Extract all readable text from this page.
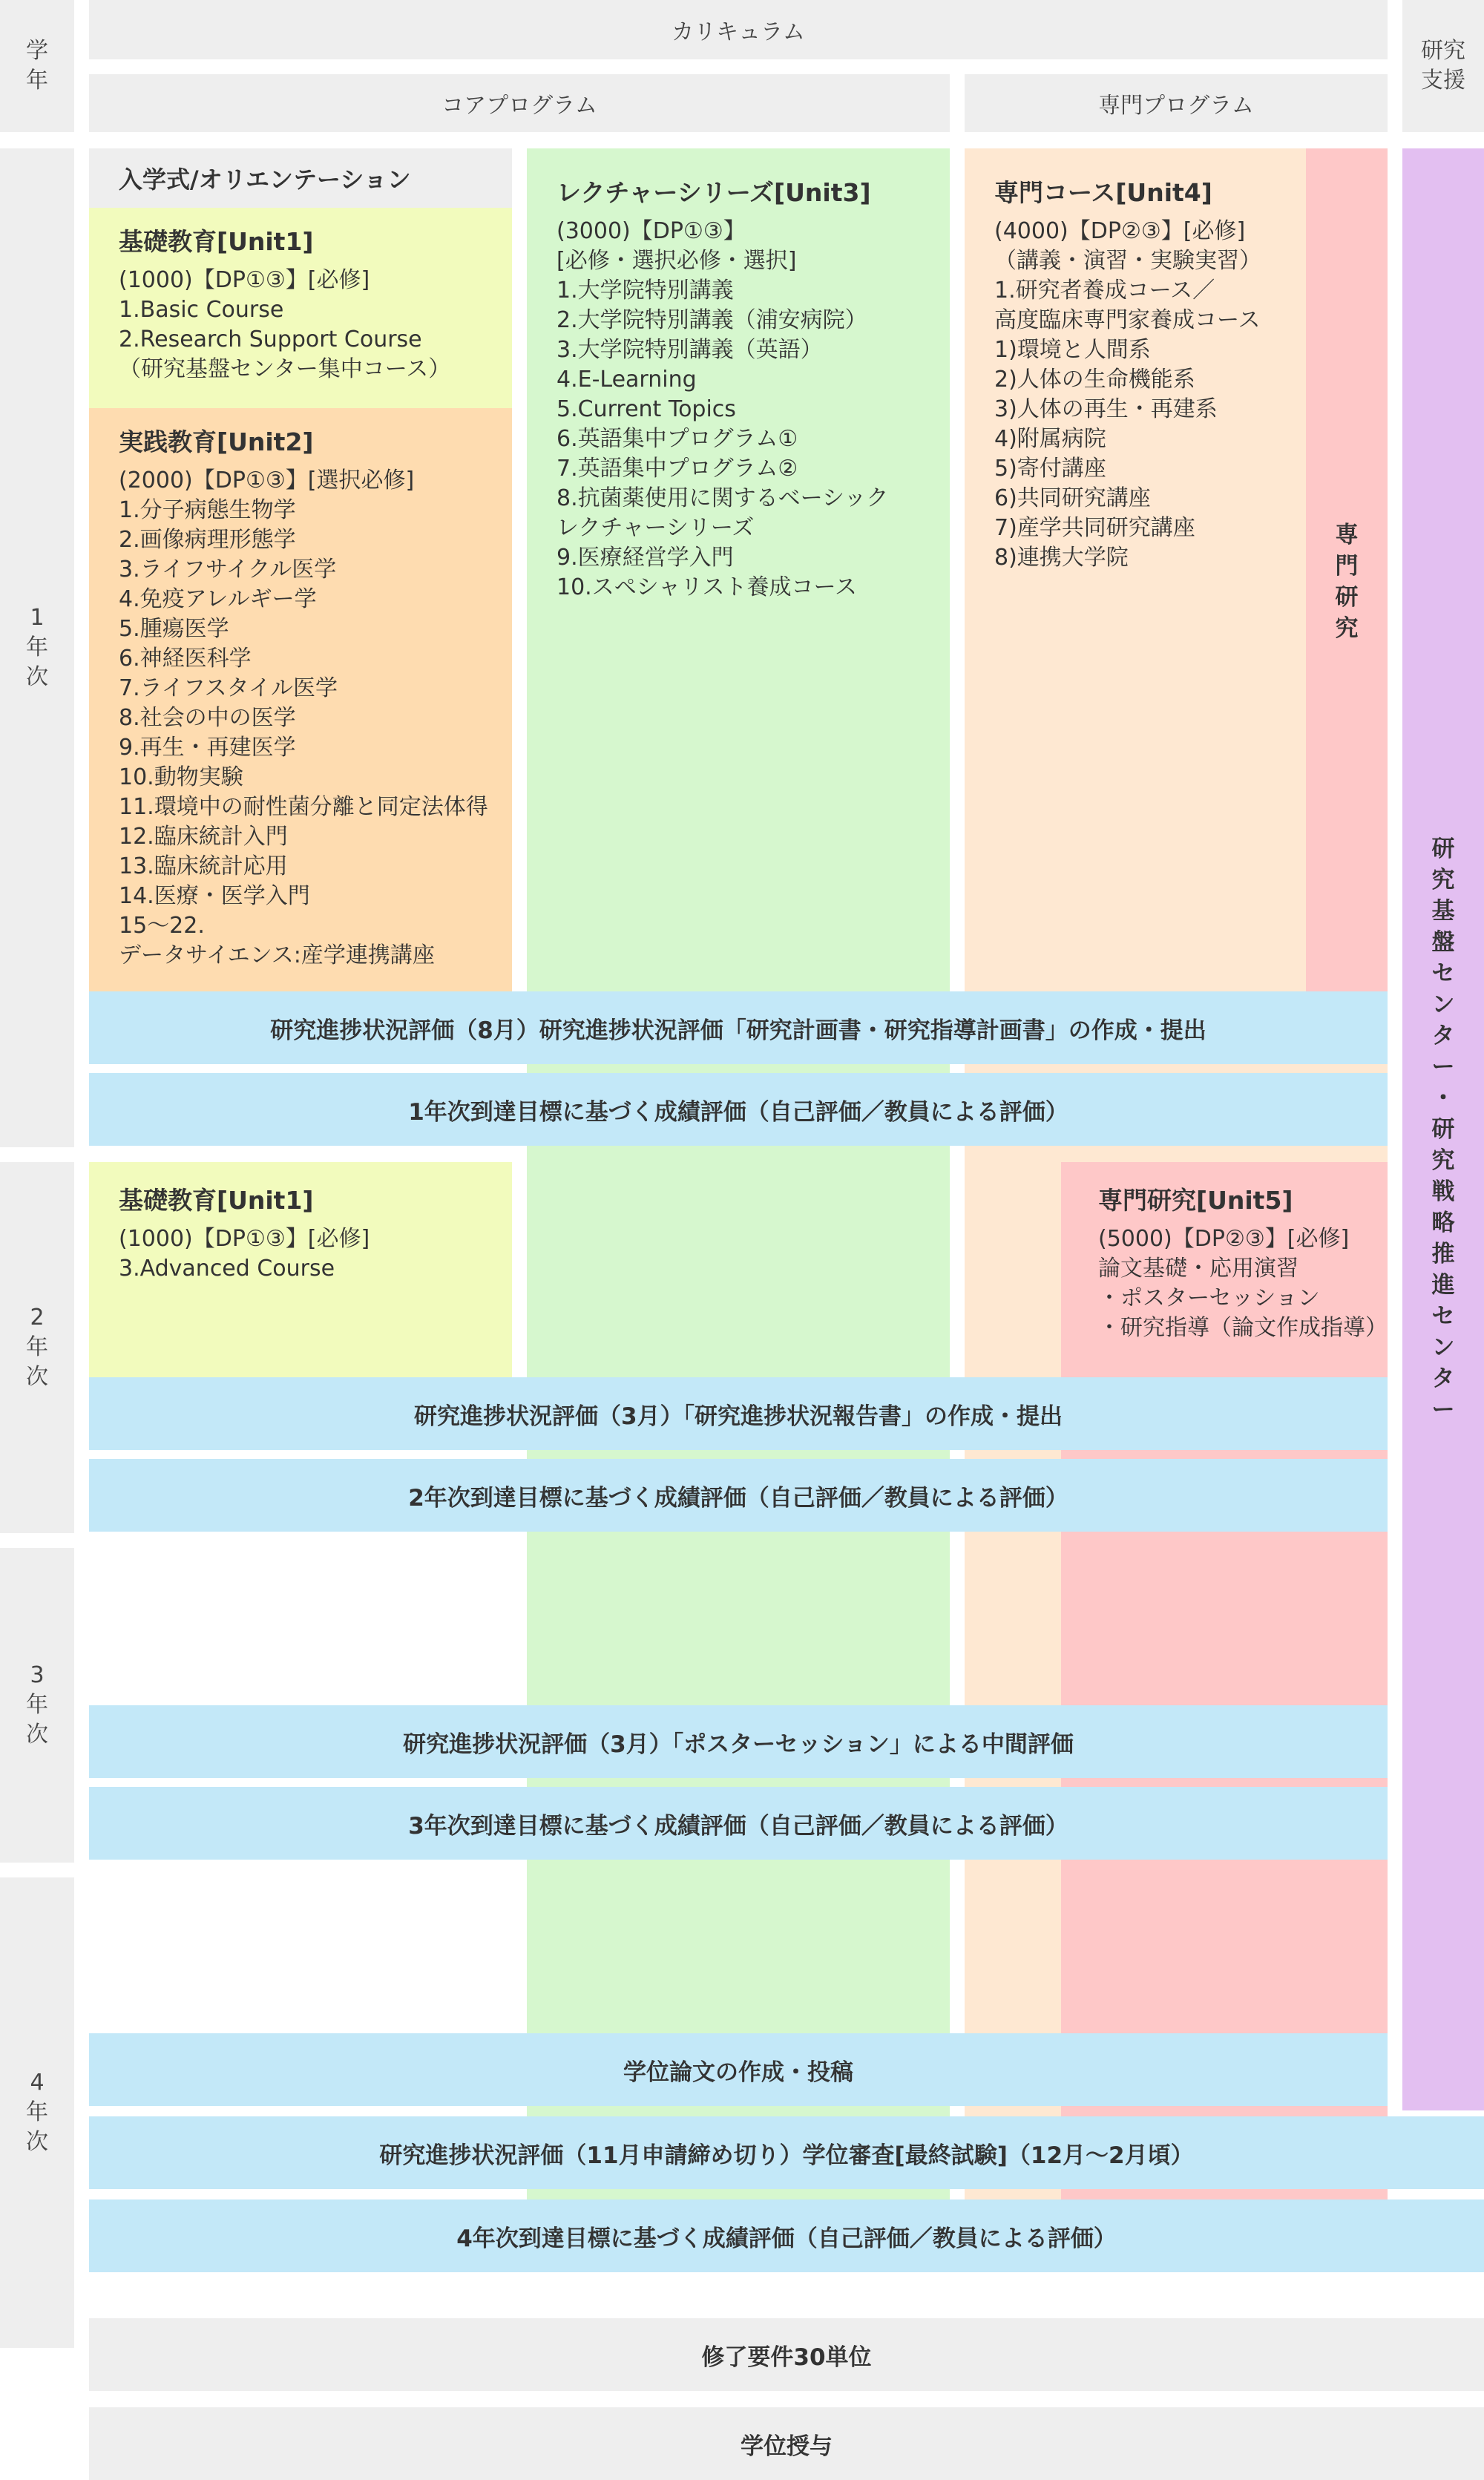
学
年
カリキュラム
研究
支援
コアプログラム	専門プログラム
1
年
次
2
年
次
3
年
次
4
年
次
入学式/オリエンテーション
基礎教育[Unit1]
(1000)【DP①③】[必修]
1.Basic Course
2.Research Support Course
（研究基盤センター集中コース）
実践教育[Unit2]
(2000)【DP①③】[選択必修]
1.分子病態生物学
2.画像病理形態学
3.ライフサイクル医学
4.免疫アレルギー学
5.腫瘍医学
6.神経医科学
7.ライフスタイル医学
8.社会の中の医学
9.再生・再建医学
10.動物実験
11.環境中の耐性菌分離と同定法体得
12.臨床統計入門
13.臨床統計応用
14.医療・医学入門
15～22.
データサイエンス:産学連携講座
レクチャーシリーズ[Unit3]
(3000)【DP①③】
[必修・選択必修・選択]
1.大学院特別講義
2.大学院特別講義（浦安病院）
3.大学院特別講義（英語）
4.E-Learning
5.Current Topics
6.英語集中プログラム①
7.英語集中プログラム②
8.抗菌薬使用に関するベーシック
レクチャーシリーズ
9.医療経営学入門
10.スペシャリスト養成コース
専門コース[Unit4]
(4000)【DP②③】[必修]
（講義・演習・実験実習）
1.研究者養成コース／
高度臨床専門家養成コース
1)環境と人間系
2)人体の生命機能系
3)人体の再生・再建系
4)附属病院
5)寄付講座
6)共同研究講座
7)産学共同研究講座
8)連携大学院
専
門
研
究
研
究
基
盤
セ
ン
タ
ー
・
研
究
戦
略
推
進
セ
ン
タ
ー
研究進捗状況評価（8月）研究進捗状況評価「研究計画書・研究指導計画書」の作成・提出
1年次到達目標に基づく成績評価（自己評価／教員による評価）
基礎教育[Unit1]
(1000)【DP①③】[必修]
3.Advanced Course
専門研究[Unit5]
(5000)【DP②③】[必修]
論文基礎・応用演習
・ポスターセッション
・研究指導（論文作成指導）
研究進捗状況評価（3月）「研究進捗状況報告書」の作成・提出
2年次到達目標に基づく成績評価（自己評価／教員による評価）
研究進捗状況評価（3月）「ポスターセッション」による中間評価
3年次到達目標に基づく成績評価（自己評価／教員による評価）
学位論文の作成・投稿
研究進捗状況評価（11月申請締め切り）学位審査[最終試験]（12月～2月頃）
4年次到達目標に基づく成績評価（自己評価／教員による評価）
修了要件30単位
学位授与
